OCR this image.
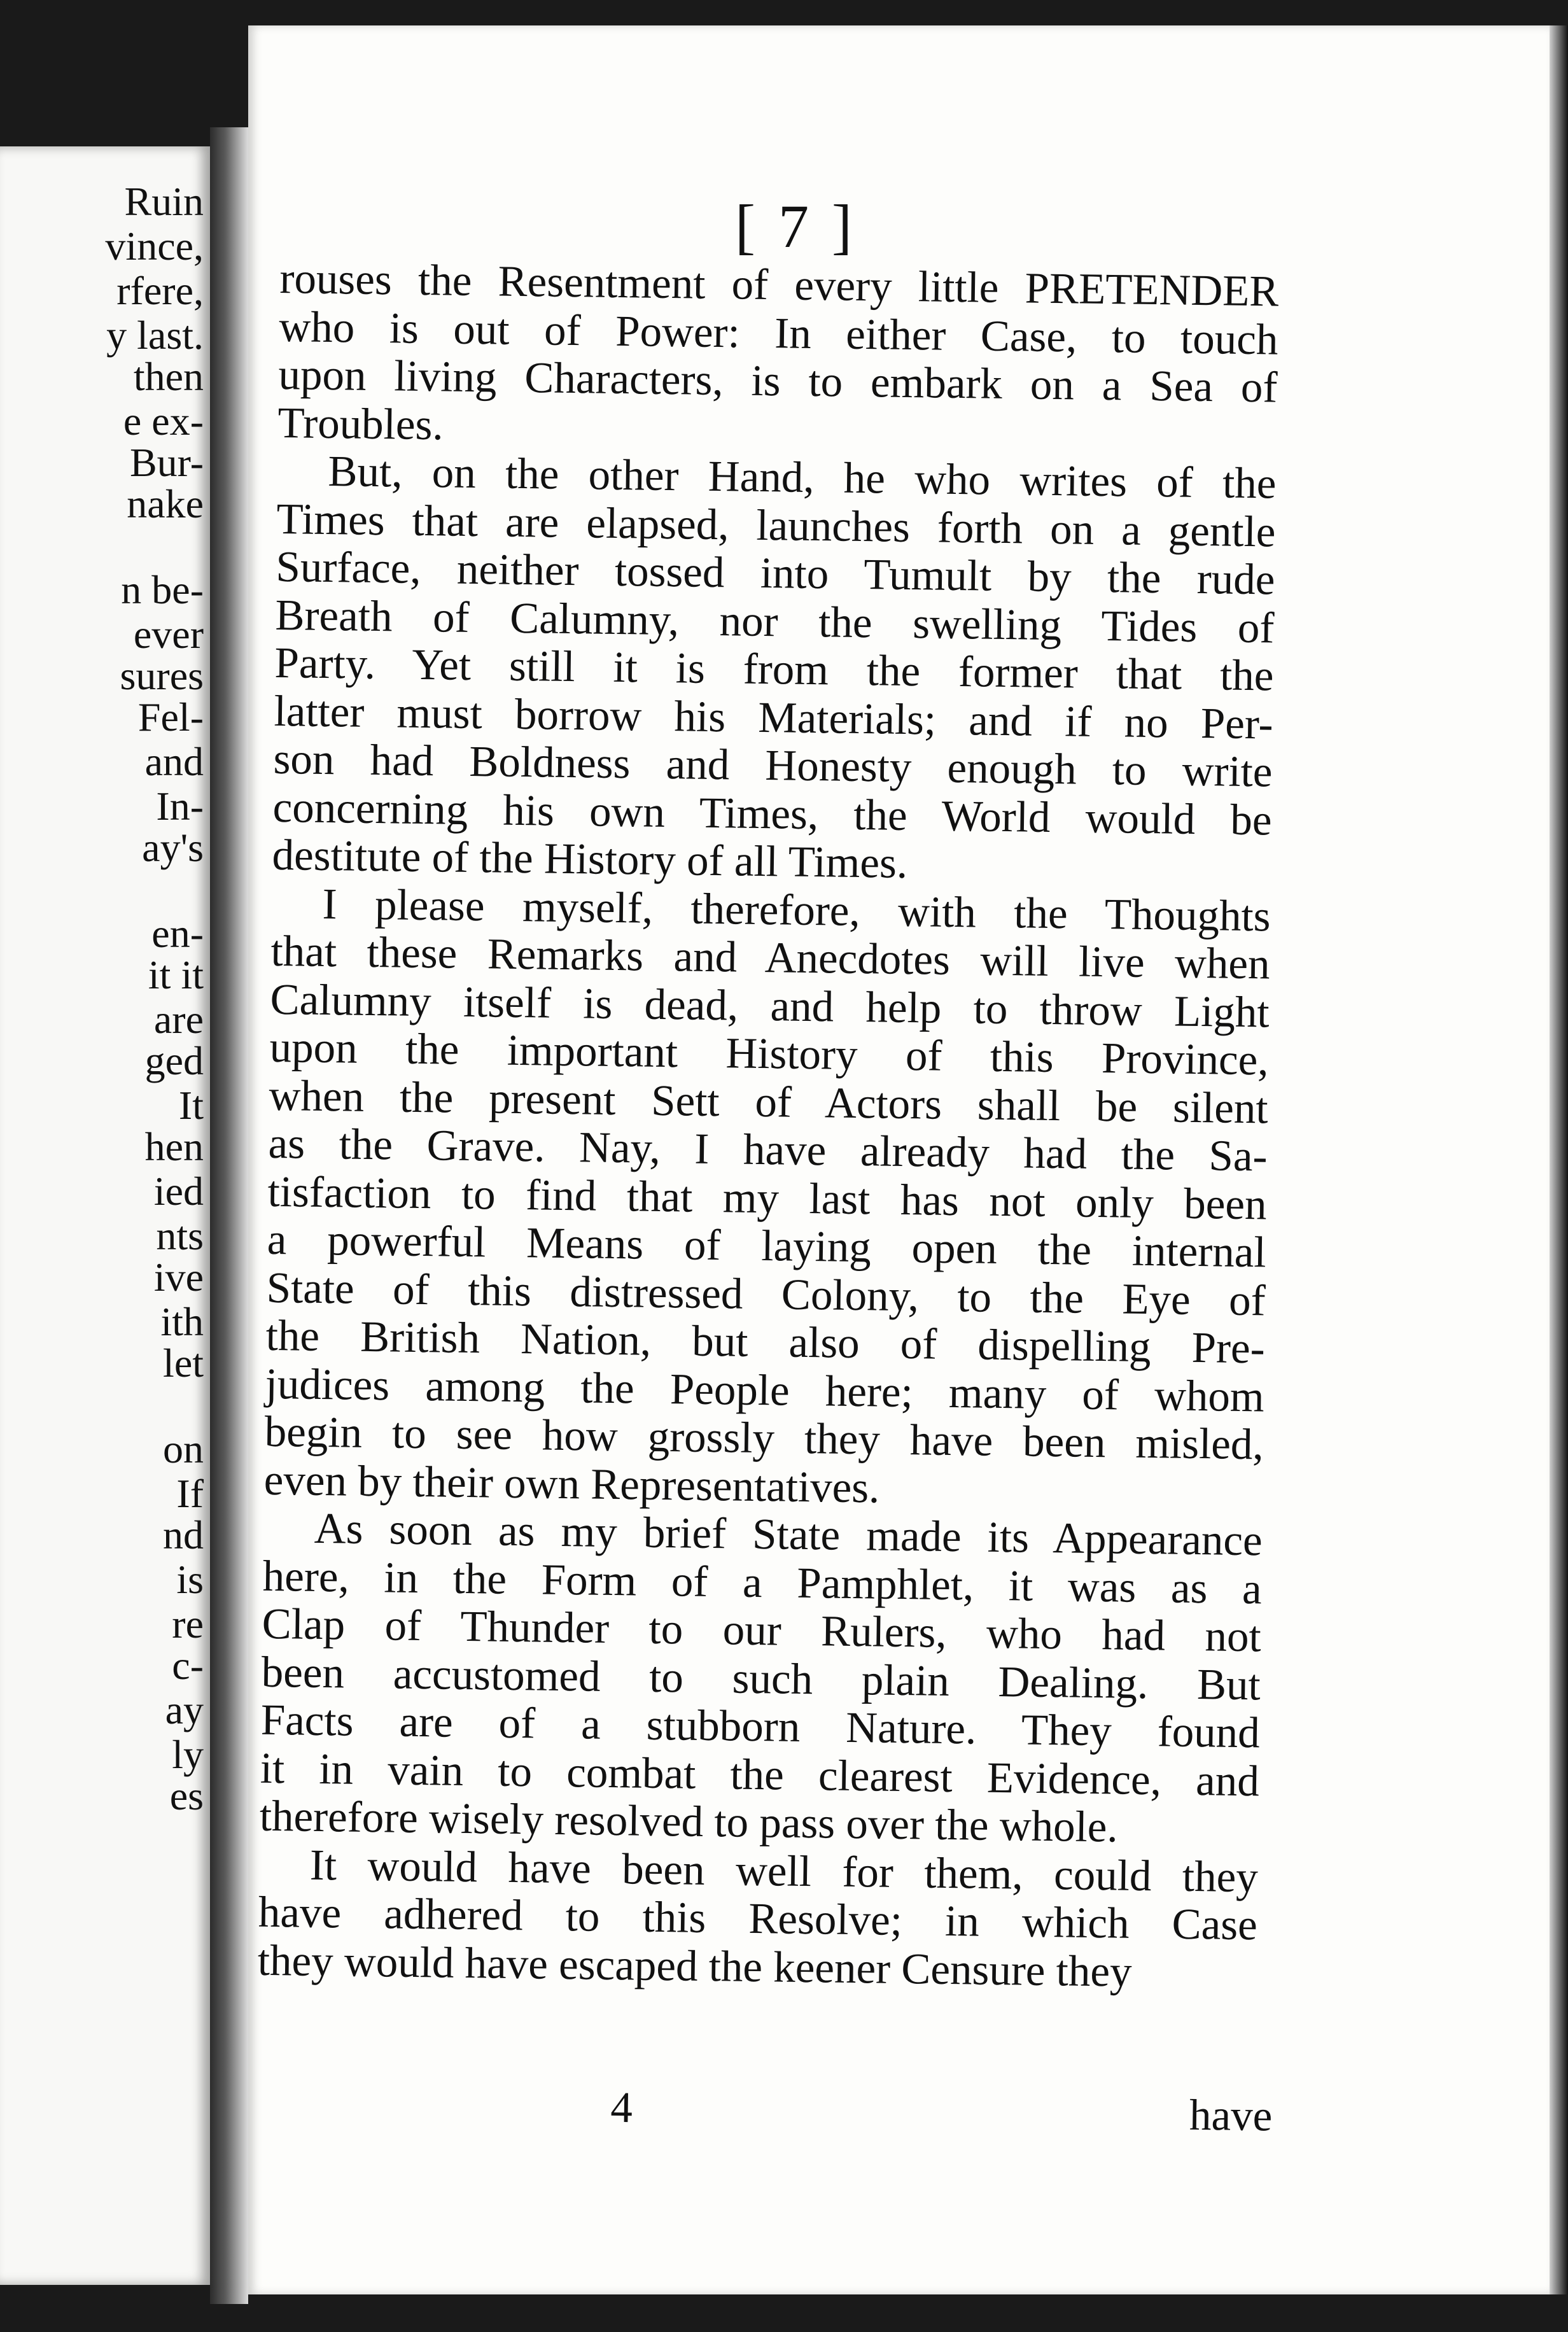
Ruin
vince,
rfere,
y last.
then
e ex-
Bur-
nake
n be-
ever
sures
Fel-
and
In-
ay's
en-
it it
are
ged
It
hen
ied
nts
ive
ith
let
on
If
nd
is
re
c-
ay
ly
es
[ 7 ]

rouses the Resentment of every little PRETENDER
who is out of Power: In either Case, to touch
upon living Characters, is to embark on a Sea of
Troubles.

But, on the other Hand, he who writes of the
Times that are elapsed, launches forth on a gentle
Surface, neither tossed into Tumult by the rude
Breath of Calumny, nor the swelling Tides of
Party. Yet still it is from the former that the
latter must borrow his Materials; and if no Per-
son had Boldness and Honesty enough to write
concerning his own Times, the World would be
destitute of the History of all Times.

I please myself, therefore, with the Thoughts
that these Remarks and Anecdotes will live when
Calumny itself is dead, and help to throw Light
upon the important History of this Province,
when the present Sett of Actors shall be silent
as the Grave. Nay, I have already had the Sa-
tisfaction to find that my last has not only been
a powerful Means of laying open the internal
State of this distressed Colony, to the Eye of
the British Nation, but also of dispelling Pre-
judices among the People here; many of whom
begin to see how grossly they have been misled,
even by their own Representatives.

As soon as my brief State made its Appearance
here, in the Form of a Pamphlet, it was as a
Clap of Thunder to our Rulers, who had not
been accustomed to such plain Dealing. But
Facts are of a stubborn Nature. They found
it in vain to combat the clearest Evidence, and
therefore wisely resolved to pass over the whole.

It would have been well for them, could they
have adhered to this Resolve; in which Case
they would have escaped the keener Censure they

4	have
